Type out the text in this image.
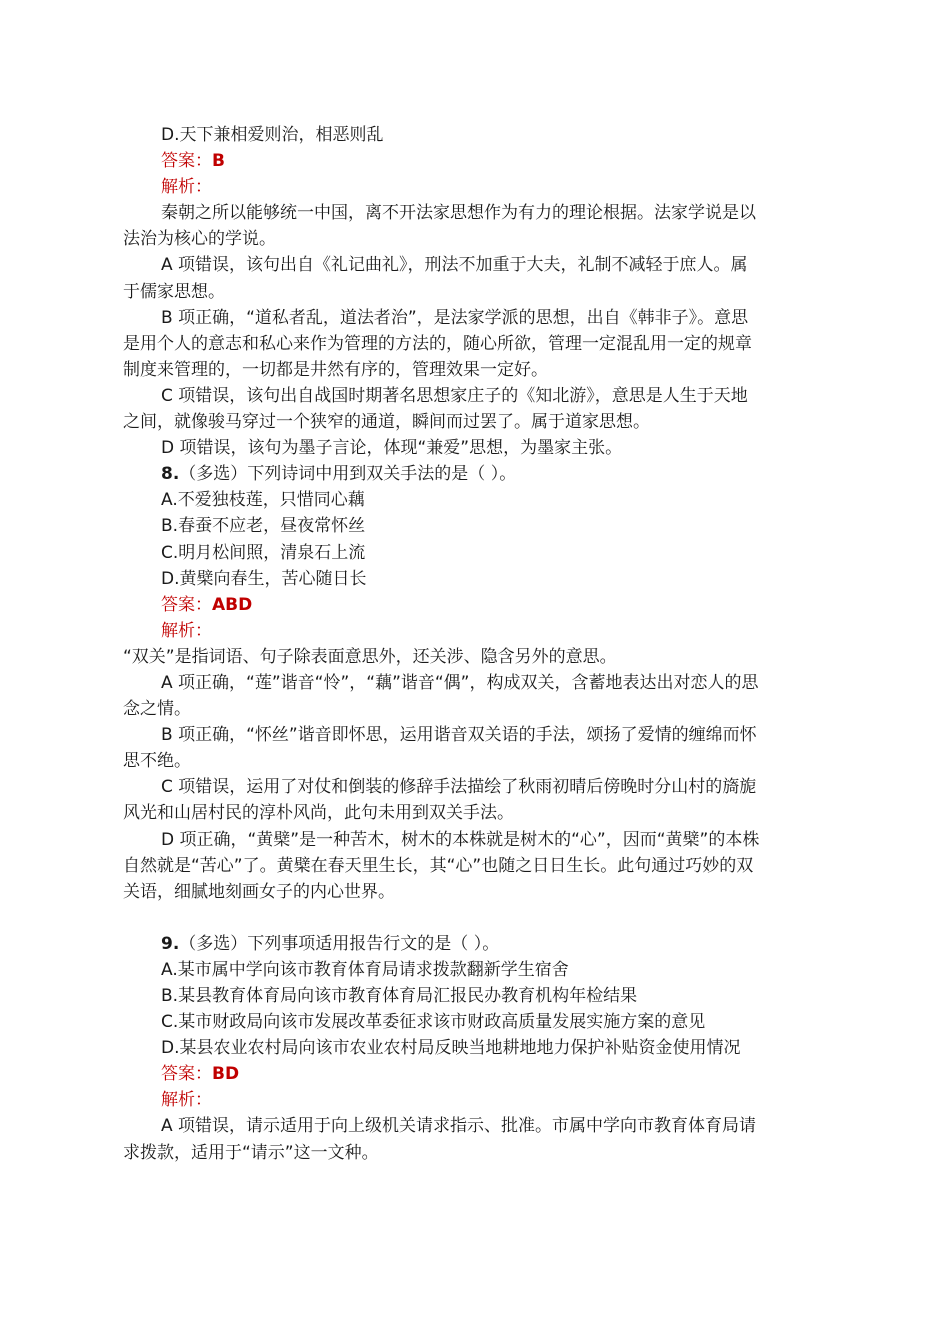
D.天下兼相爱则治，相恶则乱
答案：B
解析：
秦朝之所以能够统一中国，离不开法家思想作为有力的理论根据。法家学说是以
法治为核心的学说。
A 项错误，该句出自《礼记曲礼》，刑法不加重于大夫，礼制不减轻于庶人。属
于儒家思想。
B 项正确，“道私者乱，道法者治”，是法家学派的思想，出自《韩非子》。意思
是用个人的意志和私心来作为管理的方法的，随心所欲，管理一定混乱用一定的规章
制度来管理的，一切都是井然有序的，管理效果一定好。
C 项错误，该句出自战国时期著名思想家庄子的《知北游》，意思是人生于天地
之间，就像骏马穿过一个狭窄的通道，瞬间而过罢了。属于道家思想。
D 项错误，该句为墨子言论，体现“兼爱”思想，为墨家主张。
8.（多选）下列诗词中用到双关手法的是（ ）。
A.不爱独枝莲，只惜同心藕
B.春蚕不应老，昼夜常怀丝
C.明月松间照，清泉石上流
D.黄檗向春生，苦心随日长
答案：ABD
解析：
“双关”是指词语、句子除表面意思外，还关涉、隐含另外的意思。
A 项正确，“莲”谐音“怜”，“藕”谐音“偶”，构成双关，含蓄地表达出对恋人的思
念之情。
B 项正确，“怀丝”谐音即怀思，运用谐音双关语的手法，颂扬了爱情的缠绵而怀
思不绝。
C 项错误，运用了对仗和倒装的修辞手法描绘了秋雨初晴后傍晚时分山村的旖旎
风光和山居村民的淳朴风尚，此句未用到双关手法。
D 项正确，“黄檗”是一种苦木，树木的本株就是树木的“心”，因而“黄檗”的本株
自然就是“苦心”了。黄檗在春天里生长，其“心”也随之日日生长。此句通过巧妙的双
关语，细腻地刻画女子的内心世界。
9.（多选）下列事项适用报告行文的是（ ）。
A.某市属中学向该市教育体育局请求拨款翻新学生宿舍
B.某县教育体育局向该市教育体育局汇报民办教育机构年检结果
C.某市财政局向该市发展改革委征求该市财政高质量发展实施方案的意见
D.某县农业农村局向该市农业农村局反映当地耕地地力保护补贴资金使用情况
答案：BD
解析：
A 项错误，请示适用于向上级机关请求指示、批准。市属中学向市教育体育局请
求拨款，适用于“请示”这一文种。
